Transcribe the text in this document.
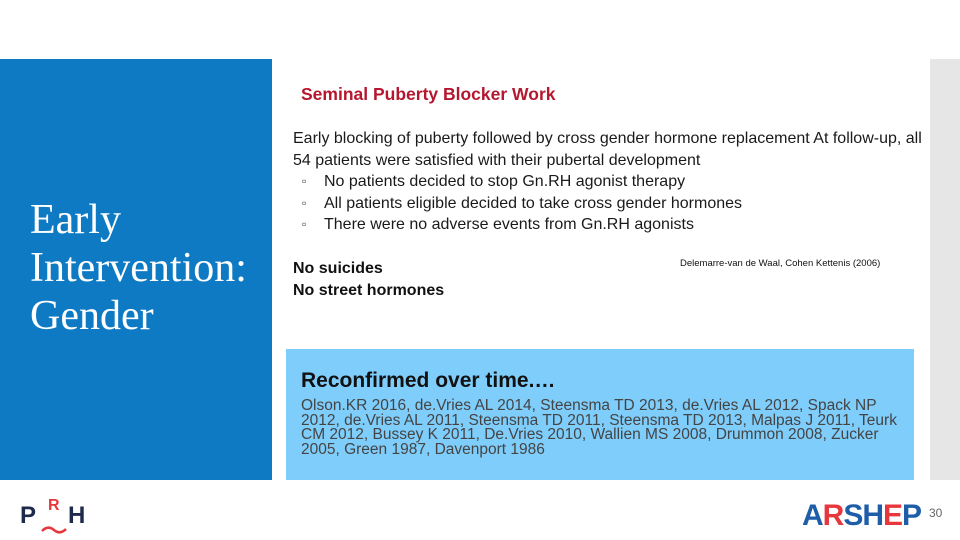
Early
Intervention:
Gender
Seminal Puberty Blocker Work
Early blocking of puberty followed by cross gender hormone replacement At follow-up, all 54 patients were satisfied with their pubertal development
▫	No patients decided to stop Gn.RH agonist therapy
▫	All patients eligible decided to take cross gender hormones
▫	There were no adverse events from Gn.RH agonists
No suicides
No street hormones
Delemarre-van de Waal, Cohen Kettenis (2006)
Reconfirmed over time.…
Olson.KR 2016, de.Vries AL 2014, Steensma TD 2013, de.Vries AL 2012, Spack NP 2012, de.Vries AL 2011, Steensma TD 2011, Steensma TD 2013, Malpas J 2011, Teurk CM 2012, Bussey K 2011, De.Vries 2010, Wallien MS 2008, Drummon 2008, Zucker 2005, Green 1987, Davenport 1986
P R H	ARSHEP 30
